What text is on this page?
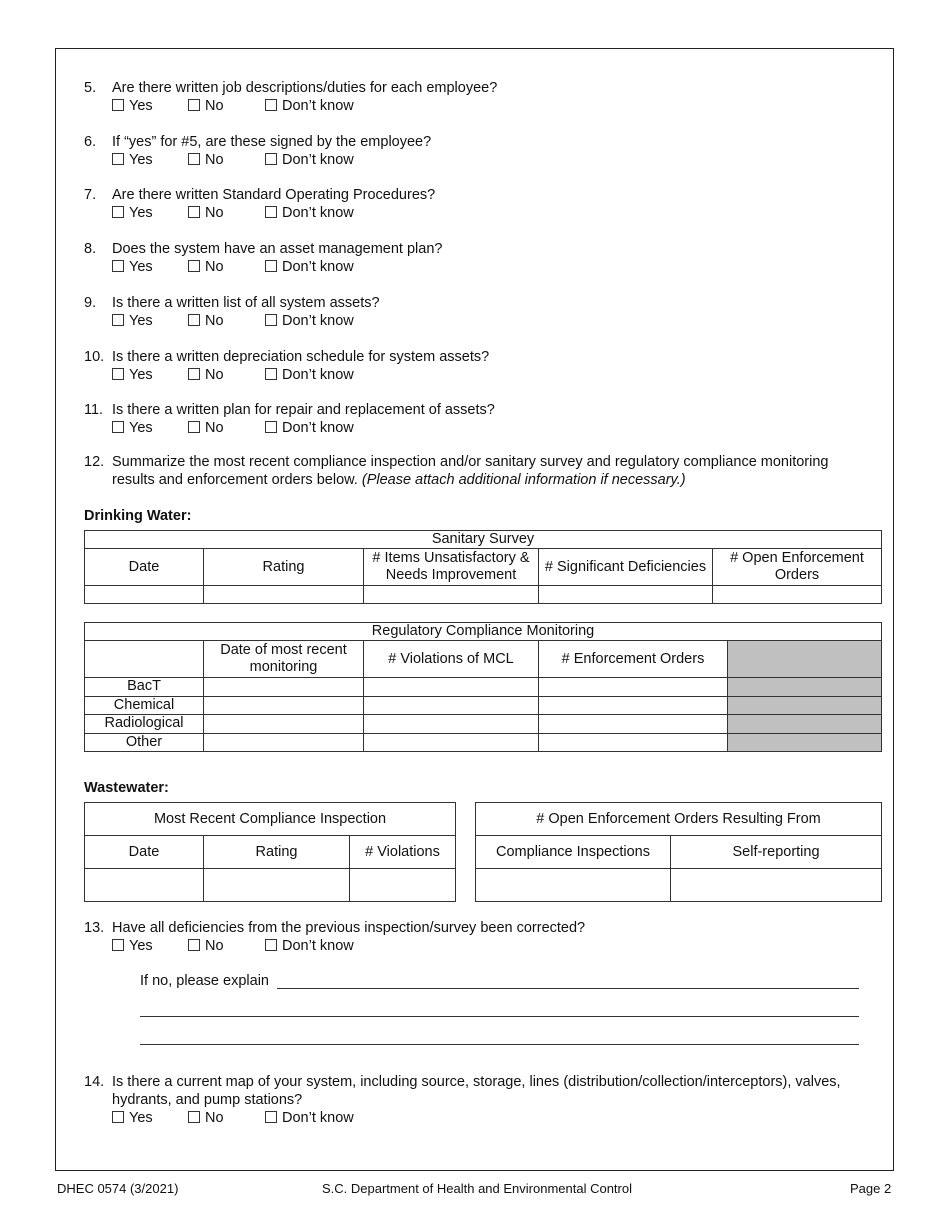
5. Are there written job descriptions/duties for each employee?
Yes	No	Don’t know
6. If “yes” for #5, are these signed by the employee?
Yes	No	Don’t know
7. Are there written Standard Operating Procedures?
Yes	No	Don’t know
8. Does the system have an asset management plan?
Yes	No	Don’t know
9. Is there a written list of all system assets?
Yes	No	Don’t know
10. Is there a written depreciation schedule for system assets?
Yes	No	Don’t know
11. Is there a written plan for repair and replacement of assets?
Yes	No	Don’t know
12. Summarize the most recent compliance inspection and/or sanitary survey and regulatory compliance monitoring results and enforcement orders below. (Please attach additional information if necessary.)
Drinking Water:
Sanitary Survey				
Date	Rating	# Items Unsatisfactory & Needs Improvement	# Significant Deficiencies	# Open Enforcement Orders

Regulatory Compliance Monitoring				
	Date of most recent monitoring	# Violations of MCL	# Enforcement Orders	
BacT				
Chemical				
Radiological				
Other				
Wastewater:
Most Recent Compliance Inspection		
Date	Rating	# Violations

# Open Enforcement Orders Resulting From	
Compliance Inspections	Self-reporting

13. Have all deficiencies from the previous inspection/survey been corrected?
Yes	No	Don’t know
If no, please explain
14. Is there a current map of your system, including source, storage, lines (distribution/collection/interceptors), valves, hydrants, and pump stations?
Yes	No	Don’t know
DHEC 0574 (3/2021)	S.C. Department of Health and Environmental Control	Page 2
